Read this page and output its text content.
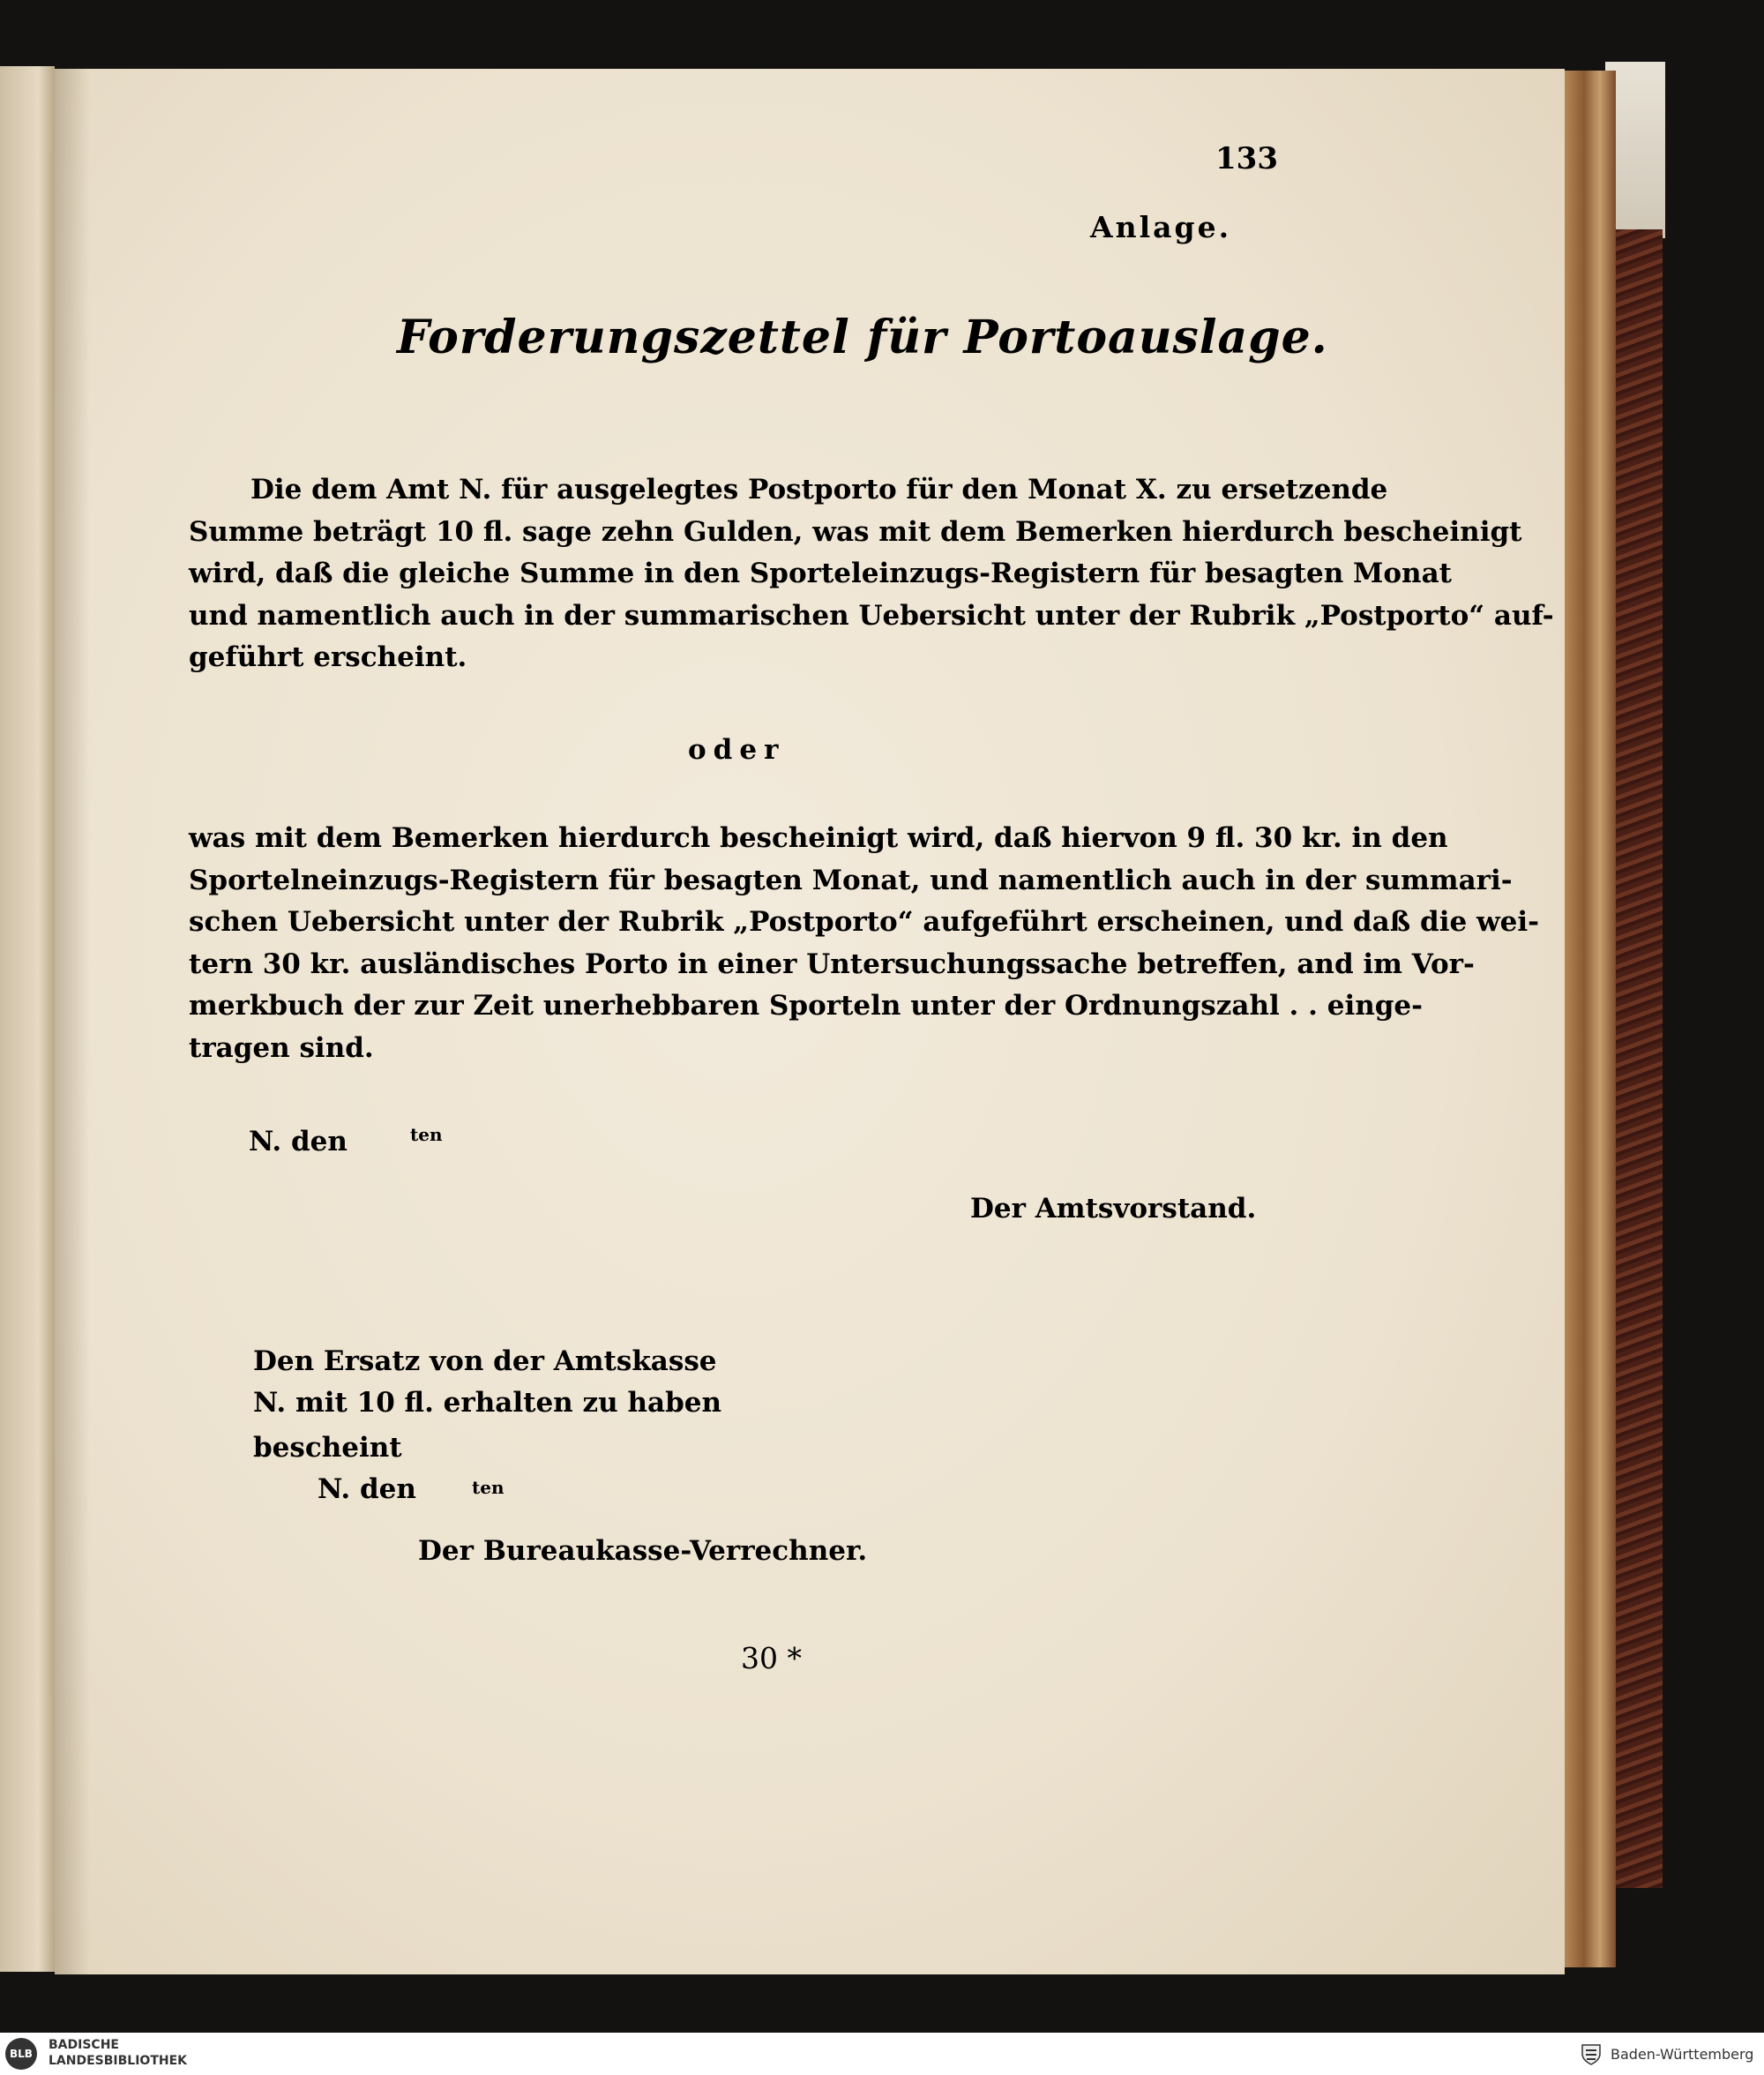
133
Anlage.
Forderungszettel für Portoauslage.
Die dem Amt N. für ausgelegtes Postporto für den Monat X. zu ersetzende
Summe beträgt 10 fl. sage zehn Gulden, was mit dem Bemerken hierdurch bescheinigt
wird, daß die gleiche Summe in den Sporteleinzugs-Registern für besagten Monat
und namentlich auch in der summarischen Uebersicht unter der Rubrik „Postporto“ auf-
geführt erscheint.
oder
was mit dem Bemerken hierdurch bescheinigt wird, daß hiervon 9 fl. 30 kr. in den
Sportelneinzugs-Registern für besagten Monat, und namentlich auch in der summari-
schen Uebersicht unter der Rubrik „Postporto“ aufgeführt erscheinen, und daß die wei-
tern 30 kr. ausländisches Porto in einer Untersuchungssache betreffen, and im Vor-
merkbuch der zur Zeit unerhebbaren Sporteln unter der Ordnungszahl . . einge-
tragen sind.
N. den	ten
Der Amtsvorstand.
Den Ersatz von der Amtskasse
N. mit 10 fl. erhalten zu haben
bescheint
N. den	ten
Der Bureaukasse-Verrechner.
30 *
BLB
BADISCHE
LANDESBIBLIOTHEK	Baden-Württemberg
